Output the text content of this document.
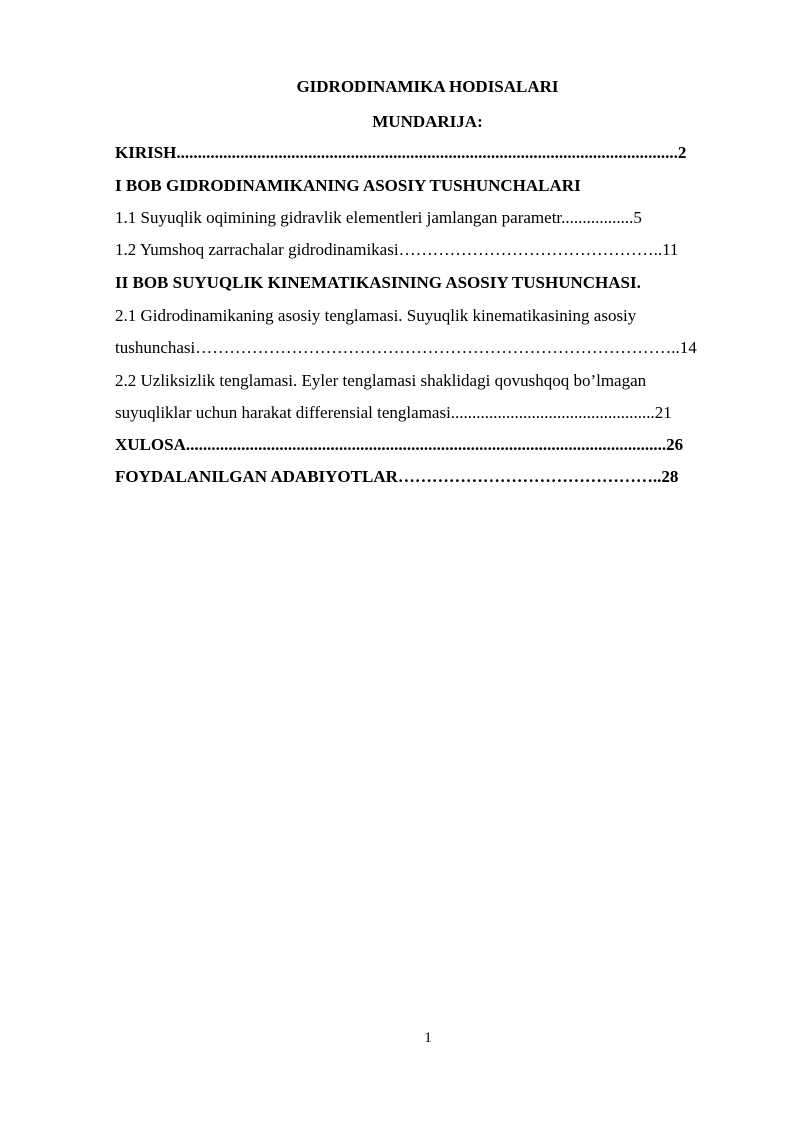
GIDRODINAMIKA HODISALARI
MUNDARIJA:
KIRISH......................................................................................................................2
I BOB GIDRODINAMIKANING ASOSIY TUSHUNCHALARI
1.1 Suyuqlik oqimining gidravlik elementleri jamlangan parametr.................5
1.2 Yumshoq zarrachalar gidrodinamikasi………………………………………..11
II BOB SUYUQLIK KINEMATIKASINING ASOSIY TUSHUNCHASI.
2.1 Gidrodinamikaning asosiy tenglamasi. Suyuqlik kinematikasining asosiy
tushunchasi…………………………………………………………………………..14
2.2 Uzliksizlik tenglamasi. Eyler tenglamasi shaklidagi qovushqoq bo’lmagan
suyuqliklar uchun harakat differensial tenglamasi................................................21
XULOSA.................................................................................................................26
FOYDALANILGAN ADABIYOTLAR………………………………………..28
1
